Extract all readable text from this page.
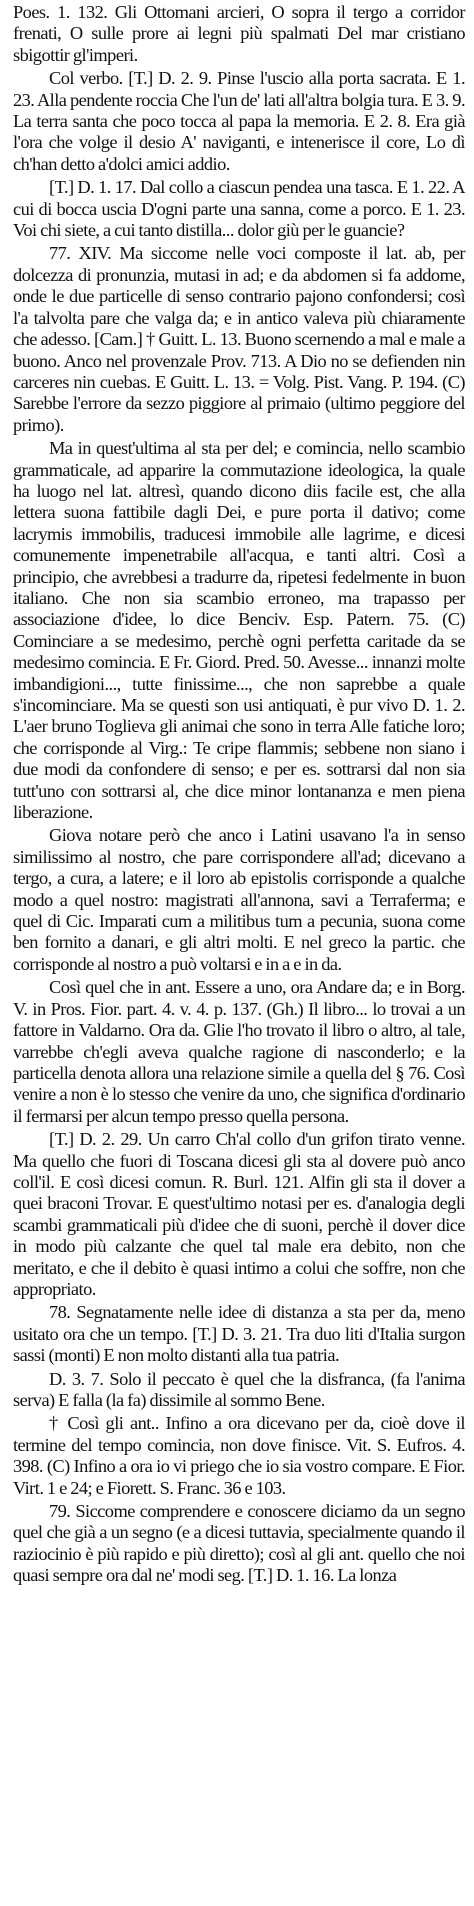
Poes. 1. 132. Gli Ottomani arcieri, O sopra il tergo a corridor frenati, O sulle prore ai legni più spalmati Del mar cristiano sbigottir gl'imperi.

Col verbo. [T.] D. 2. 9. Pinse l'uscio alla porta sacrata. E 1. 23. Alla pendente roccia Che l'un de' lati all'altra bolgia tura. E 3. 9. La terra santa che poco tocca al papa la memoria. E 2. 8. Era già l'ora che volge il desio A' naviganti, e intenerisce il core, Lo dì ch'han detto a'dolci amici addio.

[T.] D. 1. 17. Dal collo a ciascun pendea una tasca. E 1. 22. A cui di bocca uscia D'ogni parte una sanna, come a porco. E 1. 23. Voi chi siete, a cui tanto distilla... dolor giù per le guancie?

77. XIV. Ma siccome nelle voci composte il lat. ab, per dolcezza di pronunzia, mutasi in ad; e da abdomen si fa addome, onde le due particelle di senso contrario pajono confondersi; così l'a talvolta pare che valga da; e in antico valeva più chiaramente che adesso. [Cam.] † Guitt. L. 13. Buono scernendo a mal e male a buono. Anco nel provenzale Prov. 713. A Dio no se defienden nin carceres nin cuebas. E Guitt. L. 13. = Volg. Pist. Vang. P. 194. (C) Sarebbe l'errore da sezzo piggiore al primaio (ultimo peggiore del primo).

Ma in quest'ultima al sta per del; e comincia, nello scambio grammaticale, ad apparire la commutazione ideologica, la quale ha luogo nel lat. altresì, quando dicono diis facile est, che alla lettera suona fattibile dagli Dei, e pure porta il dativo; come lacrymis immobilis, traducesi immobile alle lagrime, e dicesi comunemente impenetrabile all'acqua, e tanti altri. Così a principio, che avrebbesi a tradurre da, ripetesi fedelmente in buon italiano. Che non sia scambio erroneo, ma trapasso per associazione d'idee, lo dice Benciv. Esp. Patern. 75. (C) Cominciare a se medesimo, perchè ogni perfetta caritade da se medesimo comincia. E Fr. Giord. Pred. 50. Avesse... innanzi molte imbandigioni..., tutte finissime..., che non saprebbe a quale s'incominciare. Ma se questi son usi antiquati, è pur vivo D. 1. 2. L'aer bruno Toglieva gli animai che sono in terra Alle fatiche loro; che corrisponde al Virg.: Te cripe flammis; sebbene non siano i due modi da confondere di senso; e per es. sottrarsi dal non sia tutt'uno con sottrarsi al, che dice minor lontananza e men piena liberazione.

Giova notare però che anco i Latini usavano l'a in senso similissimo al nostro, che pare corrispondere all'ad; dicevano a tergo, a cura, a latere; e il loro ab epistolis corrisponde a qualche modo a quel nostro: magistrati all'annona, savi a Terraferma; e quel di Cic. Imparati cum a militibus tum a pecunia, suona come ben fornito a danari, e gli altri molti. E nel greco la partic. che corrisponde al nostro a può voltarsi e in a e in da.

Così quel che in ant. Essere a uno, ora Andare da; e in Borg. V. in Pros. Fior. part. 4. v. 4. p. 137. (Gh.) Il libro... lo trovai a un fattore in Valdarno. Ora da. Glie l'ho trovato il libro o altro, al tale, varrebbe ch'egli aveva qualche ragione di nasconderlo; e la particella denota allora una relazione simile a quella del § 76. Così venire a non è lo stesso che venire da uno, che significa d'ordinario il fermarsi per alcun tempo presso quella persona.

[T.] D. 2. 29. Un carro Ch'al collo d'un grifon tirato venne. Ma quello che fuori di Toscana dicesi gli sta al dovere può anco coll'il. E così dicesi comun. R. Burl. 121. Alfin gli sta il dover a quei braconi Trovar. E quest'ultimo notasi per es. d'analogia degli scambi grammaticali più d'idee che di suoni, perchè il dover dice in modo più calzante che quel tal male era debito, non che meritato, e che il debito è quasi intimo a colui che soffre, non che appropriato.

78. Segnatamente nelle idee di distanza a sta per da, meno usitato ora che un tempo. [T.] D. 3. 21. Tra duo liti d'Italia surgon sassi (monti) E non molto distanti alla tua patria.

D. 3. 7. Solo il peccato è quel che la disfranca, (fa l'anima serva) E falla (la fa) dissimile al sommo Bene.

† Così gli ant.. Infino a ora dicevano per da, cioè dove il termine del tempo comincia, non dove finisce. Vit. S. Eufros. 4. 398. (C) Infino a ora io vi priego che io sia vostro compare. E Fior. Virt. 1 e 24; e Fiorett. S. Franc. 36 e 103.

79. Siccome comprendere e conoscere diciamo da un segno quel che già a un segno (e a dicesi tuttavia, specialmente quando il raziocinio è più rapido e più diretto); così al gli ant. quello che noi quasi sempre ora dal ne' modi seg. [T.] D. 1. 16. La lonza
